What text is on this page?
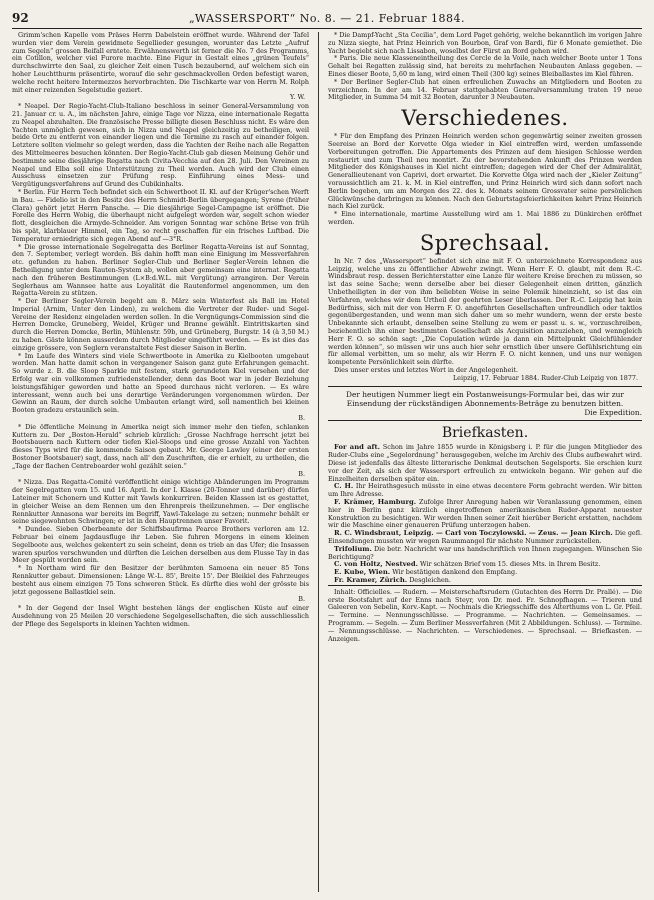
92	„WASSERSPORT“ No. 8. — 21. Februar 1884.

Grimm'schen Kapelle vom Präses Herrn Dabelstein eröffnet wurde. Während der Tafel wurden vier dem Verein gewidmete Segellieder gesungen, worunter das Letzte „Aufruf zum Segeln“ grossen Beifall erntete. Erwähnenswerth ist ferner die No. 7 des Programms, ein Cotillon, welcher viel Furore machte. Eine Figur in Gestalt eines „grünen Teufels“ durchschwirrte den Saal, zu gleicher Zeit einen Tusch bezaubernd, auf welchem sich ein hoher Leuchtthurm präsentirte, worauf die sehr geschmackvollen Orden befestigt waren, welche recht heitere Intermezzos hervorbrachten. Die Tischkarte war von Herrn M. Rolph mit einer reizenden Segelstudie geziert.

Y. W.

* Neapel. Der Regio-Yacht-Club-Italiano beschloss in seiner General-Versammlung von 21. Januar cr. u. A., im nächsten Jahre, einige Tage vor Nizza, eine internationale Regatta zu Neapel abzuhalten. Die französische Presse billigte diesen Beschluss nicht. Es wäre den Yachten unmöglich gewesen, sich in Nizza und Neapel gleichzeitig zu betheiligen, weil beide Orte zu entfernt von einander liegen und die Termine zu rasch auf einander folgen. Letztere sollten vielmehr so gelegt werden, dass die Yachten der Reihe nach alle Regatten des Mittelmeeres besuchen könnten. Der Regio-Yacht-Club gab diesen Meinung Gehör und bestimmte seine diesjährige Regatta nach Civita-Vecchia auf den 28. Juli. Den Vereinen zu Neapel und Elba soll eine Unterstützung zu Theil werden. Auch wird der Club einen Ausschuss einsetzen zur Prüfung resp. Einführung eines Mess- und Vergütigungsverfahrens auf Grund des Cubikinhalts.

* Berlin. Für Herrn Tech befindet sich ein Schwertboot II. Kl. auf der Krüger'schen Werft in Bau. — Fidelio ist in den Besitz des Herrn Schmidt-Berlin übergegangen; Syrene (früher Clara) gehört jetzt Herrn Pansche. — Die diesjährige Segel-Campagne ist eröffnet. Die Forelle des Herrn Wobig, die überhaupt nicht aufgelegt worden war, segelt schon wieder flott, desgleichen die Armyde-Schneider. Am vorigen Sonntag war schöne Brise von früh bis spät, klarblauer Himmel, ein Tag, so recht geschaffen für ein frisches Luftbad. Die Temperatur erniedrigte sich gegen Abend auf —3°R.

* Die grosse internationale Segelregatta des Berliner Regatta-Vereins ist auf Sonntag, den 7. September, verlegt worden. Bis dahin hofft man eine Einigung im Messverfahren etc. gefunden zu haben. Berliner Segler-Club und Berliner Segler-Verein lehnen die Betheiligung unter dem Rauten-System ab, wollen aber gemeinsam eine internat. Regatta nach den früheren Bestimmungen (L×B:d.W.L. mit Vergütung) arrangiren. Der Verein Seglerhaus am Wannsee hatte aus Loyalität die Rautenformel angenommen, um den Regatta-Verein zu stützen.

* Der Berliner Segler-Verein begeht am 8. März sein Winterfest als Ball im Hotel Imperial (Arnim, Unter den Linden), zu welchem die Vertreter der Ruder- und Segel-Vereine der Residenz eingeladen werden sollen. In die Vergnügungs-Commission sind die Herren Domcke, Gruneberg, Weidel, Krüger und Branne gewählt. Eintrittskarten sind durch die Herren Domcke, Berlin, Mühlenstr. 59b, und Grüneberg, Burgstr. 14 (à 3,50 M.) zu haben. Gäste können ausserdem durch Mitglieder eingeführt werden. — Es ist dies das einzige grössere, von Seglern veranstaltete Fest dieser Saison in Berlin.

* Im Laufe des Winters sind viele Schwertboote in Amerika zu Kielbooten umgebaut worden. Man hatte damit schon in vergangener Saison ganz gute Erfahrungen gemacht. So wurde z. B. die Sloop Sparkle mit festem, stark gerundeten Kiel versehen und der Erfolg war ein vollkommen zufriedenstellender, denn das Boot war in jeder Beziehung leistungsfähiger geworden und hatte an Speed durchaus nicht verloren. — Es wäre interessant, wenn auch bei uns derartige Veränderungen vorgenommen würden. Der Gewinn an Raum, der durch solche Umbauten erlangt wird, soll namentlich bei kleinen Booten gradezu erstaunlich sein.

B.

* Die öffentliche Meinung in Amerika neigt sich immer mehr den tiefen, schlanken Kuttern zu. Der „Boston-Herald“ schrieb kürzlich: „Grosse Nachfrage herrscht jetzt bei Bootsbauern nach Kuttern oder tiefen Kiel-Sloops und eine grosse Anzahl von Yachten dieses Typs wird für die kommende Saison gebaut. Mr. George Lawley (einer der ersten Bostoner Bootsbauer) sagt, dass, nach all' den Zuschriften, die er erhielt, zu urtheilen, die „Tage der flachen Centreboarder wohl gezählt seien.“

B.

* Nizza. Das Regatta-Comité veröffentlicht einige wichtige Abänderungen im Programm der Segelregatten vom 15. und 16. April. In der I. Klasse (20-Tonner und darüber) dürfen Lateiner mit Schonern und Kutter mit Yawls konkurriren. Beiden Klassen ist es gestattet, in gleicher Weise an dem Rennen um den Ehrenpreis theilzunehmen. — Der englische Rennkutter Annasona war bereits im Begriff, Yawl-Takelage zu setzen; nunmehr behält er seine siegewohnten Schwingen; er ist in den Hauptrennen unser Favorit.

* Dundee. Sieben Oberbeamte der Schiffsbaufirma Pearce Brothers verloren am 12. Februar bei einem Jagdausfluge ihr Leben. Sie fuhren Morgens in einem kleinen Segelboote aus, welches gekentert zu sein scheint, denn es trieb an das Ufer; die Insassen waren spurlos verschwunden und dürften die Leichen derselben aus dem Flusse Tay in das Meer gespült worden sein.

* In Northam wird für den Besitzer der berühmten Samoena ein neuer 85 Tons Rennkutter gebaut. Dimensionen: Länge W.-L. 85', Breite 15'. Der Bleikiel des Fahrzeuges besteht aus einem einzigen 75 Tons schweren Stück. Es dürfte dies wohl der grösste bis jetzt gegossene Ballastkiel sein.

B.

* In der Gegend der Insel Wight bestehen längs der englischen Küste auf einer Ausdehnung von 25 Meilen 20 verschiedene Segelgesellschaften, die sich ausschliesslich der Pflege des Segelsports in kleinen Yachten widmen.

* Die Dampf-Yacht „Sta Cecilia“, dem Lord Paget gehörig, welche bekanntlich im vorigen Jahre zu Nizza siegte, hat Prinz Heinrich von Bourbon, Graf von Bardi, für 6 Monate gemiethet. Die Yacht begiebt sich nach Lissabon, woselbst der Fürst an Bord gehen wird.

* Paris. Die neue Klasseneintheilung des Cercle de la Voile, nach welcher Boote unter 1 Tons Gehalt bei Regatten zulässig sind, hat bereits zu mehrfachen Neubauten Anlass gegeben. — Eines dieser Boote, 5,60 m lang, wird einen Theil (300 kg) seines Bleiballastes im Kiel führen.

* Der Berliner Segler-Club hat einen erfreulichen Zuwachs an Mitgliedern und Booten zu verzeichnen. In der am 14. Februar stattgehabten Generalversammlung traten 19 neue Mitglieder, in Summa 54 mit 32 Booten, darunter 3 Neubauten.

Verschiedenes.

* Für den Empfang des Prinzen Heinrich werden schon gegenwärtig seiner zweiten grossen Seereise an Bord der Korvette Olga wieder in Kiel eintreffen wird, werden umfassende Vorbereitungen getroffen. Die Appartements des Prinzen auf dem hiesigen Schlosse werden restaurirt und zum Theil neu montirt. Zu der bevorstehenden Ankunft des Prinzen werden Mitglieder des Königshauses in Kiel nicht eintreffen; dagegen wird der Chef der Admiralität, Generallieutenant von Caprivi, dort erwartet. Die Korvette Olga wird nach der „Kieler Zeitung“ voraussichtlich am 21. k. M. in Kiel eintreffen, und Prinz Heinrich wird sich dann sofort nach Berlin begeben, um am Morgen des 22. des k. Monats seinem Grossvater seine persönlichen Glückwünsche darbringen zu können. Nach den Geburtstagsfeierlichkeiten kehrt Prinz Heinrich nach Kiel zurück.

* Eine internationale, martime Ausstellung wird am 1. Mai 1886 zu Dünkirchen eröffnet werden.

Sprechsaal.

In Nr. 7 des „Wassersport“ befindet sich eine mit F. O. unterzeichnete Korrespondenz aus Leipzig, welche uns zu öffentlicher Abwehr zwingt. Wenn Herr F. O. glaubt, mit dem R.-C. Windsbraut resp. dessen Berichterstatter eine Lanze für weitere Kreise brechen zu müssen, so ist das seine Sache; wenn derselbe aber bei dieser Gelegenheit einen dritten, gänzlich Unbetheiligten in der von ihm beliebten Weise in seine Polemik hineinzieht, so ist das ein Verfahren, welches wir dem Urtheil der geehrten Leser überlassen. Der R.-C. Leipzig hat kein Bedürfniss, sich mit der von Herrn F. O. angeführten Gesellschaften unfreundlich oder taktlos gegenübergestanden, und wenn man sich daher um so mehr wundern, wenn der erste beste Unbekannte sich erlaubt, denselben seine Stellung zu wem er passt u. s. w., vorzuschreiben, beziehentlich ihn einer bestimmten Gesellschaft als Acquisition anzuziehen, und wenngleich Herr F. O. so schön sagt: „Die Copulation würde ja dann ein Mittelpunkt Gleichfühlender werden können“, so müssen wir uns auch hier sehr ernstlich über unsere Gefühlsrichtung ein für allemal verbitten, um so mehr, als wir Herrn F. O. nicht kennen, und uns nur wenigen kompetente Persönlichkeit sein dürfte.

Dies unser erstes und letztes Wort in der Angelegenheit.

Leipzig, 17. Februar 1884. Ruder-Club Leipzig von 1877.
Der heutigen Nummer liegt ein Postanweisungs-Formular bei, das wir zur Einsendung der rückständigen Abonnements-Beträge zu benutzen bitten.
Die Expedition.
Briefkasten.

For and aft. Schon im Jahre 1855 wurde in Königsberg i. P. für die jungen Mitglieder des Ruder-Clubs eine „Segelordnung“ herausgegeben, welche im Archiv des Clubs aufbewahrt wird. Diese ist jedenfalls das älteste litterarische Denkmal deutschen Segelsports. Sie erschien kurz vor der Zeit, als sich der Wassersport erfreulich zu entwickeln begann. Wir gehen auf die Einzelheiten derselben später ein.

C. H. Ihr Heirathsgesuch müsste in eine etwas decentere Form gebracht werden. Wir bitten um Ihre Adresse.

F. Krämer, Hamburg. Zufolge Ihrer Anregung haben wir Veranlassung genommen, einen hier in Berlin ganz kürzlich eingetroffenen amerikanischen Ruder-Apparat neuester Konstruktion zu besichtigen. Wir werden Ihnen seiner Zeit hierüber Bericht erstatten, nachdem wir die Maschine einer genaueren Prüfung unterzogen haben.

R. C. Windsbraut, Leipzig. — Carl von Toczylowski. — Zeus. — Jean Kirch. Die gefl. Einsendungen mussten wir wegen Raummangel für nächste Nummer zurückstellen.

Trifolium. Die betr. Nachricht war uns handschriftlich von Ihnen zugegangen. Wünschen Sie Berichtigung?

C. von Holtz, Nestved. Wir schätzen Brief vom 15. dieses Mts. in Ihrem Besitz.

E. Kube, Wien. Wir bestätigen dankend den Empfang.

Fr. Kramer, Zürich. Desgleichen.

Inhalt: Officielles. — Rudern. — Meisterschaftsrudern (Gutachten des Herrn Dr. Prallé). — Die erste Bootsfahrt auf der Enns nach Steyr, von Dr. med. Fr. Schnopfhagen. — Trieren und Galeeren von Sebelin, Korv.-Kapt. — Nochmals die Kriegsschiffe des Alterthums von L. Gr. Pfeil. — Termine. — Nennungsschlüsse. — Programme. — Nachrichten. — Gemeinsames. — Programm. — Segeln. — Zum Berliner Messverfahren (Mit 2 Abbildungen. Schluss). — Termine. — Nennungsschlüsse. — Nachrichten. — Verschiedenes. — Sprechsaal. — Briefkasten. — Anzeigen.
